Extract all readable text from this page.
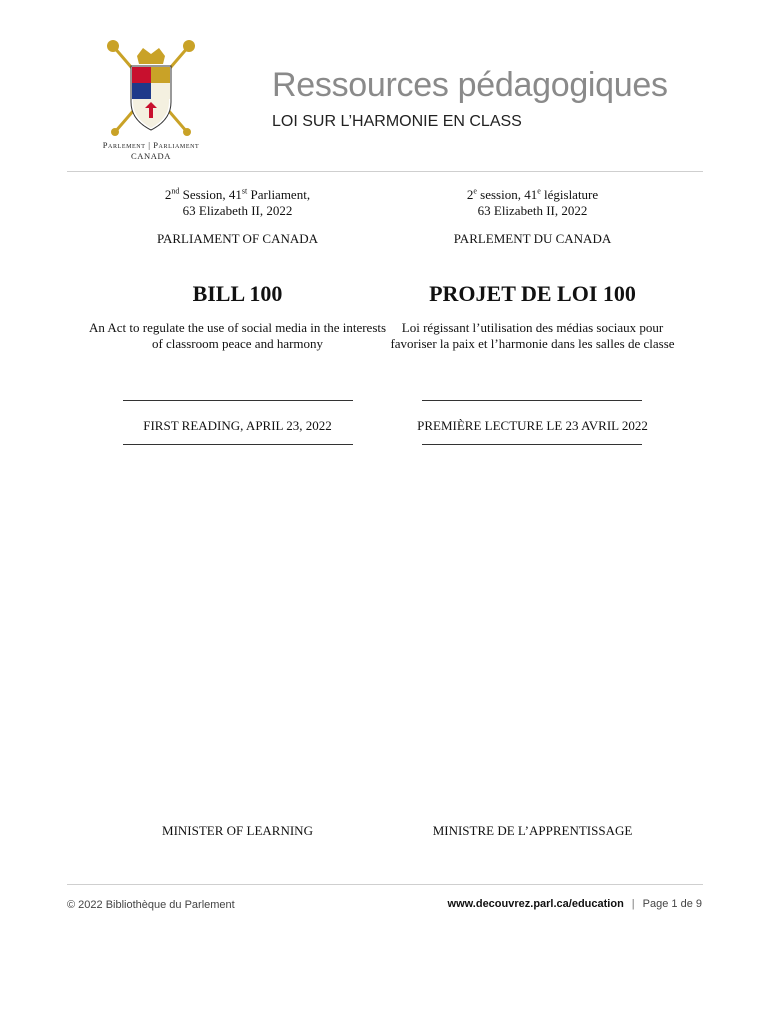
Parlement | Parliament
CANADA
Ressources pédagogiques
LOI SUR L’HARMONIE EN CLASS
2nd Session, 41st Parliament,
63 Elizabeth II, 2022
PARLIAMENT OF CANADA
BILL 100
An Act to regulate the use of social media in the interests
of classroom peace and harmony
FIRST READING, APRIL 23, 2022
MINISTER OF LEARNING
2e session, 41e législature
63 Elizabeth II, 2022
PARLEMENT DU CANADA
PROJET DE LOI 100
Loi régissant l’utilisation des médias sociaux pour
favoriser la paix et l’harmonie dans les salles de classe
PREMIÈRE LECTURE LE 23 AVRIL 2022
MINISTRE DE L’APPRENTISSAGE
© 2022 Bibliothèque du Parlement	www.decouvrez.parl.ca/education | Page 1 de 9
